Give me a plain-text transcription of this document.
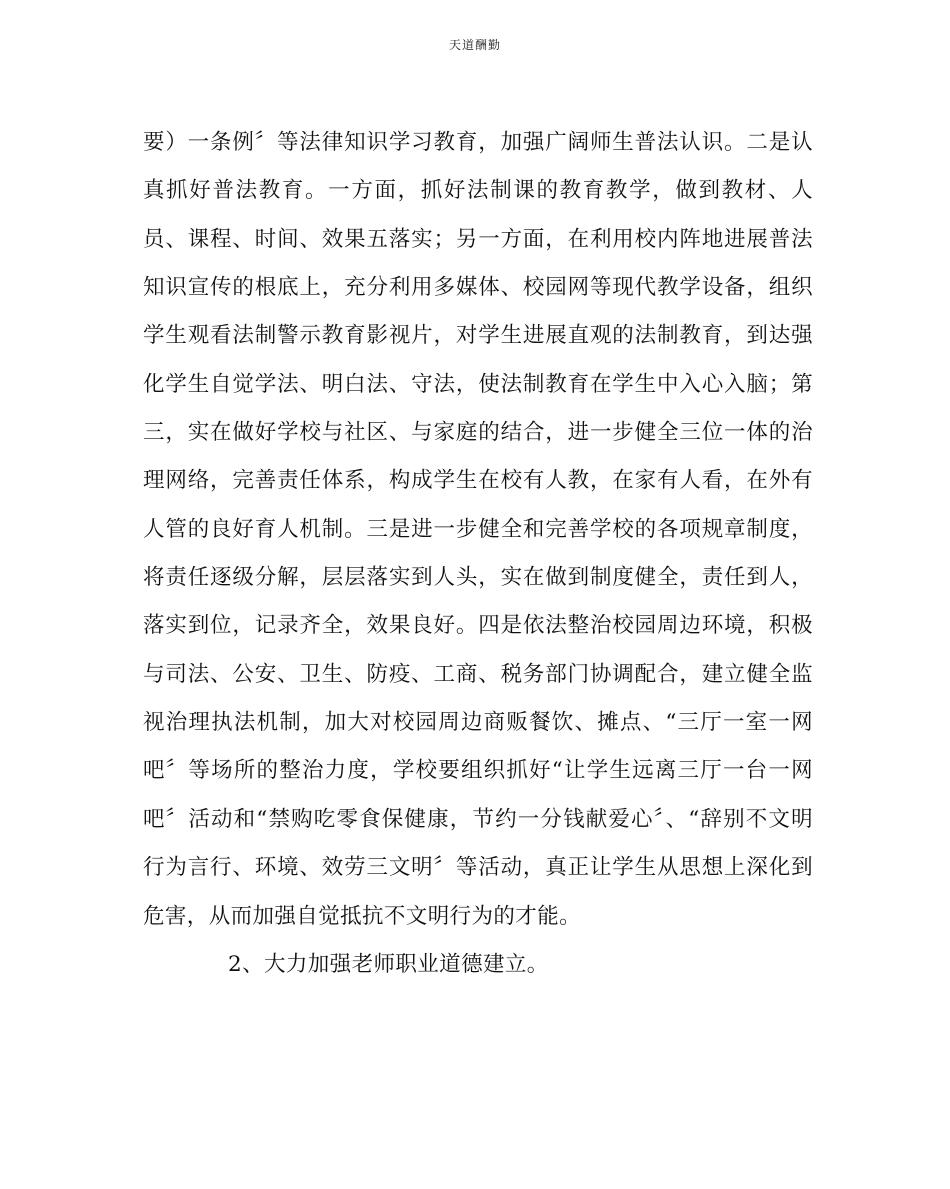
天道酬勤
要）一条例〞等法律知识学习教育，加强广阔师生普法认识。二是认
真抓好普法教育。一方面，抓好法制课的教育教学，做到教材、人
员、课程、时间、效果五落实；另一方面，在利用校内阵地进展普法
知识宣传的根底上，充分利用多媒体、校园网等现代教学设备，组织
学生观看法制警示教育影视片，对学生进展直观的法制教育，到达强
化学生自觉学法、明白法、守法，使法制教育在学生中入心入脑；第
三，实在做好学校与社区、与家庭的结合，进一步健全三位一体的治
理网络，完善责任体系，构成学生在校有人教，在家有人看，在外有
人管的良好育人机制。三是进一步健全和完善学校的各项规章制度，
将责任逐级分解，层层落实到人头，实在做到制度健全，责任到人，
落实到位，记录齐全，效果良好。四是依法整治校园周边环境，积极
与司法、公安、卫生、防疫、工商、税务部门协调配合，建立健全监
视治理执法机制，加大对校园周边商贩餐饮、摊点、“三厅一室一网
吧〞等场所的整治力度，学校要组织抓好“让学生远离三厅一台一网
吧〞活动和“禁购吃零食保健康，节约一分钱献爱心〞、“辞别不文明
行为言行、环境、效劳三文明〞等活动，真正让学生从思想上深化到
危害，从而加强自觉抵抗不文明行为的才能。
2、大力加强老师职业道德建立。
